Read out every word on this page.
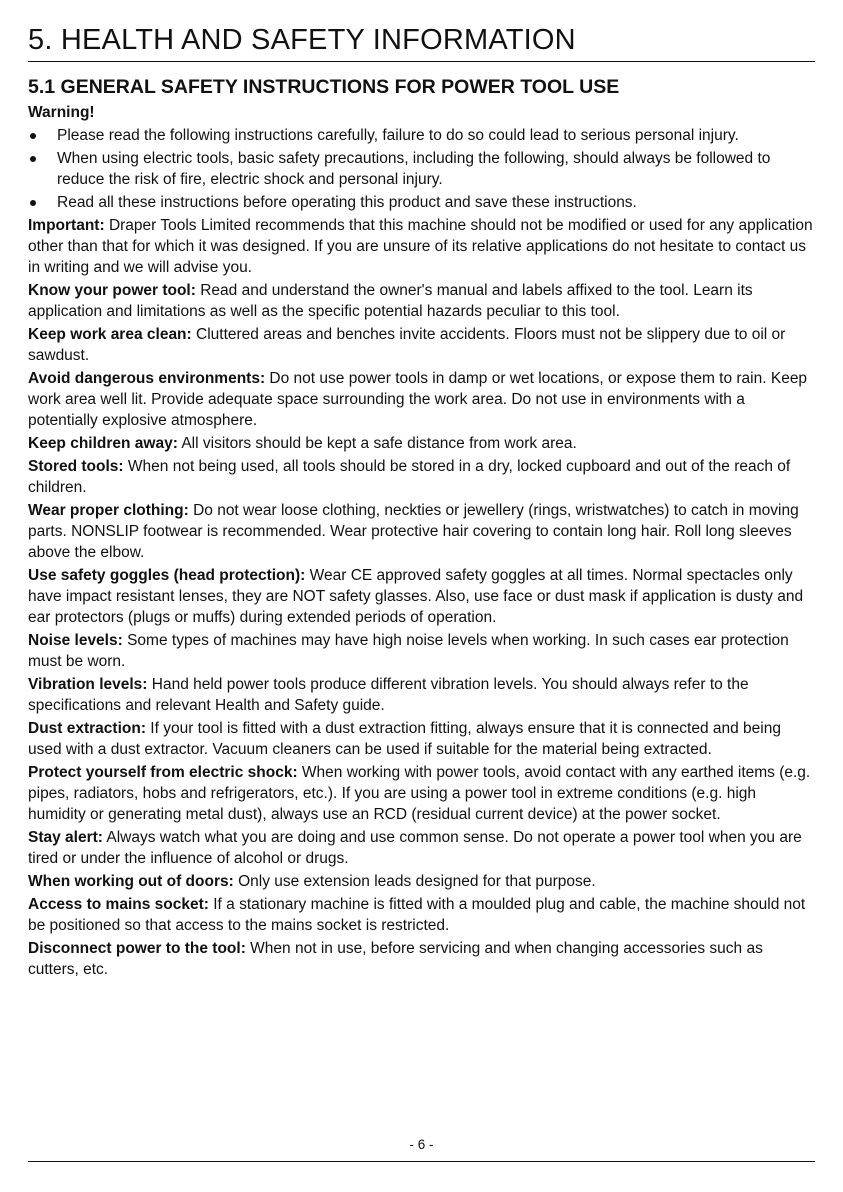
5. HEALTH AND SAFETY INFORMATION
5.1 GENERAL SAFETY INSTRUCTIONS FOR POWER TOOL USE
Warning!
Please read the following instructions carefully, failure to do so could lead to serious personal injury.
When using electric tools, basic safety precautions, including the following, should always be followed to reduce the risk of fire, electric shock and personal injury.
Read all these instructions before operating this product and save these instructions.

Important: Draper Tools Limited recommends that this machine should not be modified or used for any application other than that for which it was designed. If you are unsure of its relative applications do not hesitate to contact us in writing and we will advise you.

Know your power tool: Read and understand the owner's manual and labels affixed to the tool. Learn its application and limitations as well as the specific potential hazards peculiar to this tool.

Keep work area clean: Cluttered areas and benches invite accidents. Floors must not be slippery due to oil or sawdust.

Avoid dangerous environments: Do not use power tools in damp or wet locations, or expose them to rain. Keep work area well lit. Provide adequate space surrounding the work area. Do not use in environments with a potentially explosive atmosphere.

Keep children away: All visitors should be kept a safe distance from work area.

Stored tools: When not being used, all tools should be stored in a dry, locked cupboard and out of the reach of children.

Wear proper clothing: Do not wear loose clothing, neckties or jewellery (rings, wristwatches) to catch in moving parts. NONSLIP footwear is recommended. Wear protective hair covering to contain long hair. Roll long sleeves above the elbow.

Use safety goggles (head protection): Wear CE approved safety goggles at all times. Normal spectacles only have impact resistant lenses, they are NOT safety glasses. Also, use face or dust mask if application is dusty and ear protectors (plugs or muffs) during extended periods of operation.

Noise levels: Some types of machines may have high noise levels when working. In such cases ear protection must be worn.

Vibration levels: Hand held power tools produce different vibration levels. You should always refer to the specifications and relevant Health and Safety guide.

Dust extraction: If your tool is fitted with a dust extraction fitting, always ensure that it is connected and being used with a dust extractor. Vacuum cleaners can be used if suitable for the material being extracted.

Protect yourself from electric shock: When working with power tools, avoid contact with any earthed items (e.g. pipes, radiators, hobs and refrigerators, etc.). If you are using a power tool in extreme conditions (e.g. high humidity or generating metal dust), always use an RCD (residual current device) at the power socket.

Stay alert: Always watch what you are doing and use common sense. Do not operate a power tool when you are tired or under the influence of alcohol or drugs.

When working out of doors: Only use extension leads designed for that purpose.

Access to mains socket: If a stationary machine is fitted with a moulded plug and cable, the machine should not be positioned so that access to the mains socket is restricted.

Disconnect power to the tool: When not in use, before servicing and when changing accessories such as cutters, etc.

- 6 -
